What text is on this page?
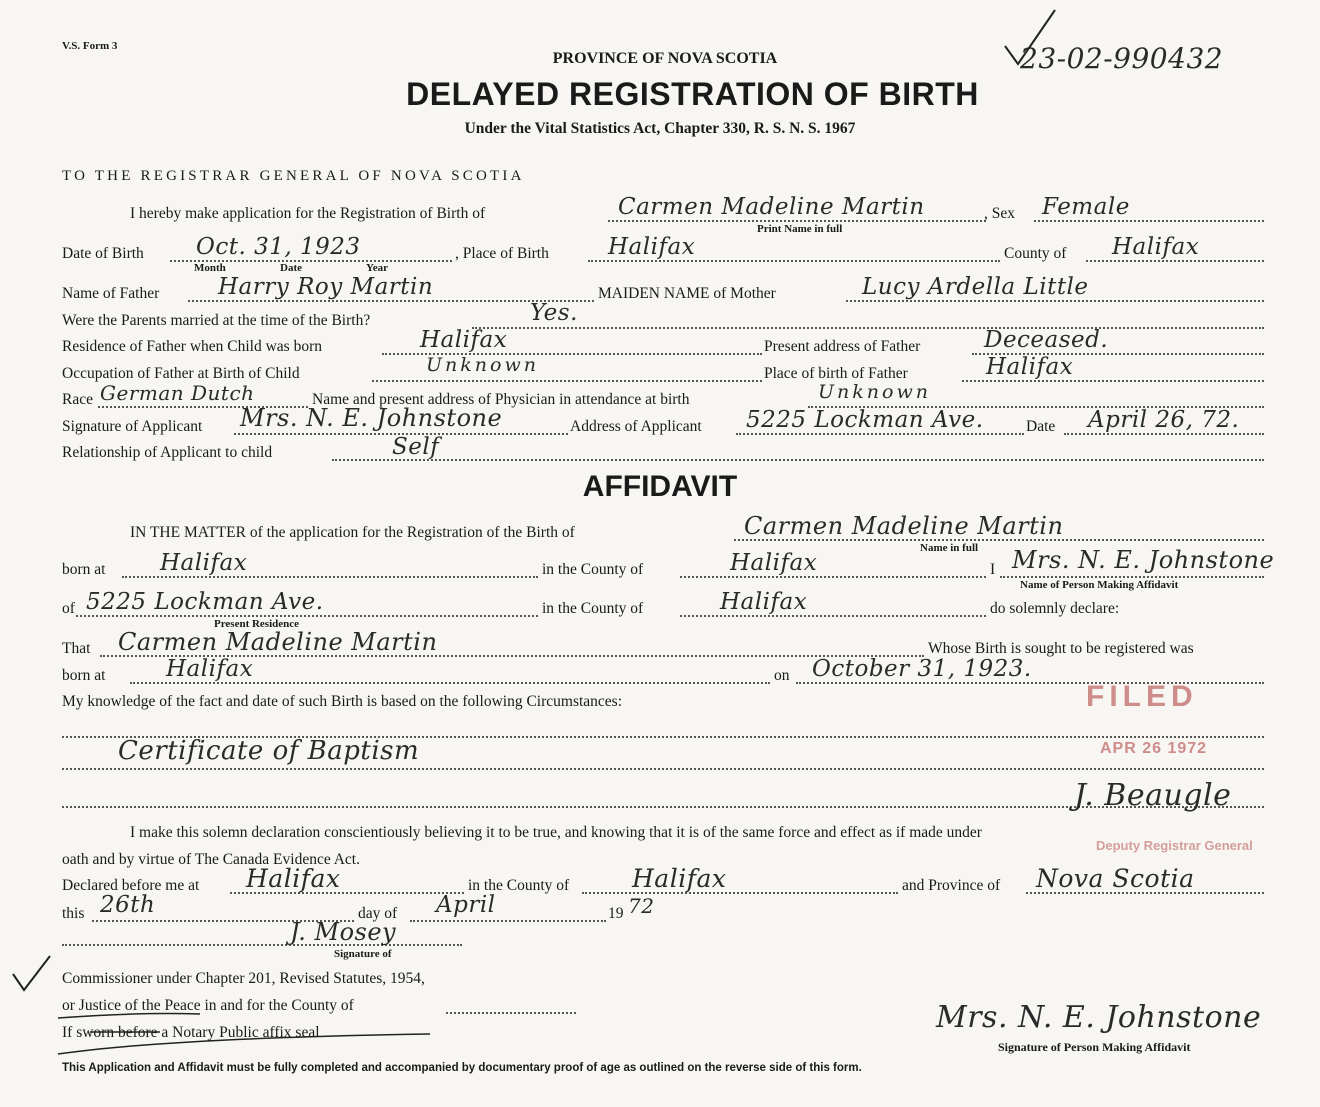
V.S. Form 3
PROVINCE OF NOVA SCOTIA
DELAYED REGISTRATION OF BIRTH
Under the Vital Statistics Act, Chapter 330, R. S. N. S. 1967
23-02-990432
TO THE REGISTRAR GENERAL OF NOVA SCOTIA
I hereby make application for the Registration of Birth of	Carmen Madeline Martin	, Sex Female
Print Name in full
Date of Birth Oct. 31, 1923	, Place of Birth	Halifax	County of Halifax
Month	Date	Year
Name of Father	Harry Roy Martin	MAIDEN NAME of Mother	Lucy Ardella Little
Were the Parents married at the time of the Birth?	Yes.
Residence of Father when Child was born	Halifax	Present address of Father	Deceased.
Occupation of Father at Birth of Child	Unknown	Place of birth of Father	Halifax
Race German Dutch	Name and present address of Physician in attendance at birth	Unknown
Signature of Applicant Mrs. N. E. Johnstone	Address of Applicant 5225 Lockman Ave.	Date April 26, 72.
Relationship of Applicant to child	Self
AFFIDAVIT
IN THE MATTER of the application for the Registration of the Birth of	Carmen Madeline Martin
Name in full
born at Halifax	in the County of	Halifax	I Mrs. N. E. Johnstone
Name of Person Making Affidavit
of 5225 Lockman Ave.	in the County of	Halifax	do solemnly declare:
Present Residence
That Carmen Madeline Martin	Whose Birth is sought to be registered was
born at	Halifax	on October 31, 1923.
My knowledge of the fact and date of such Birth is based on the following Circumstances:
Certificate of Baptism
FILED
APR 26 1972
Deputy Registrar General
J. Beaugle
I make this solemn declaration conscientiously believing it to be true, and knowing that it is of the same force and effect as if made under
oath and by virtue of The Canada Evidence Act.
Declared before me at Halifax	in the County of	Halifax	and Province of Nova Scotia
this 26th	day of April	19 72
J. Mosey
Signature of
Commissioner under Chapter 201, Revised Statutes, 1954,
or Justice of the Peace in and for the County of
If sworn before a Notary Public affix seal	Mrs. N. E. Johnstone
Signature of Person Making Affidavit
This Application and Affidavit must be fully completed and accompanied by documentary proof of age as outlined on the reverse side of this form.
